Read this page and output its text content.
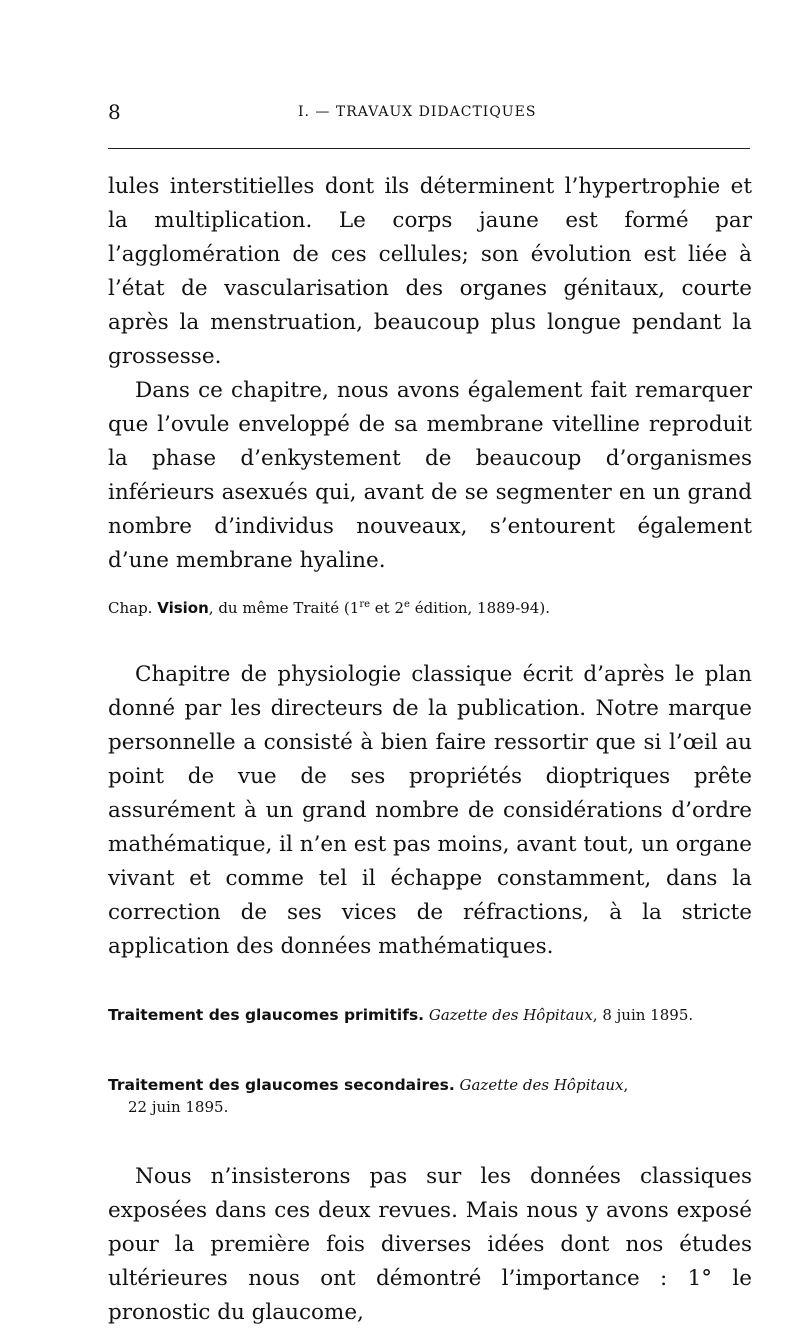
8	I. — TRAVAUX DIDACTIQUES

lules interstitielles dont ils déterminent l’hypertrophie et la multiplication. Le corps jaune est formé par l’agglomération de ces cellules; son évolution est liée à l’état de vascularisation des organes génitaux, courte après la menstruation, beaucoup plus longue pendant la grossesse.

Dans ce chapitre, nous avons également fait remarquer que l’ovule enveloppé de sa membrane vitelline reproduit la phase d’enkystement de beaucoup d’organismes inférieurs asexués qui, avant de se segmenter en un grand nombre d’individus nouveaux, s’entourent également d’une membrane hyaline.

Chap. Vision, du même Traité (1re et 2e édition, 1889-94).

Chapitre de physiologie classique écrit d’après le plan donné par les directeurs de la publication. Notre marque personnelle a consisté à bien faire ressortir que si l’œil au point de vue de ses propriétés dioptriques prête assurément à un grand nombre de considérations d’ordre mathématique, il n’en est pas moins, avant tout, un organe vivant et comme tel il échappe constamment, dans la correction de ses vices de réfractions, à la stricte application des données mathématiques.

Traitement des glaucomes primitifs. Gazette des Hôpitaux, 8 juin 1895.

Traitement des glaucomes secondaires. Gazette des Hôpitaux,

22 juin 1895.

Nous n’insisterons pas sur les données classiques exposées dans ces deux revues. Mais nous y avons exposé pour la première fois diverses idées dont nos études ultérieures nous ont démontré l’importance : 1° le pronostic du glaucome,
